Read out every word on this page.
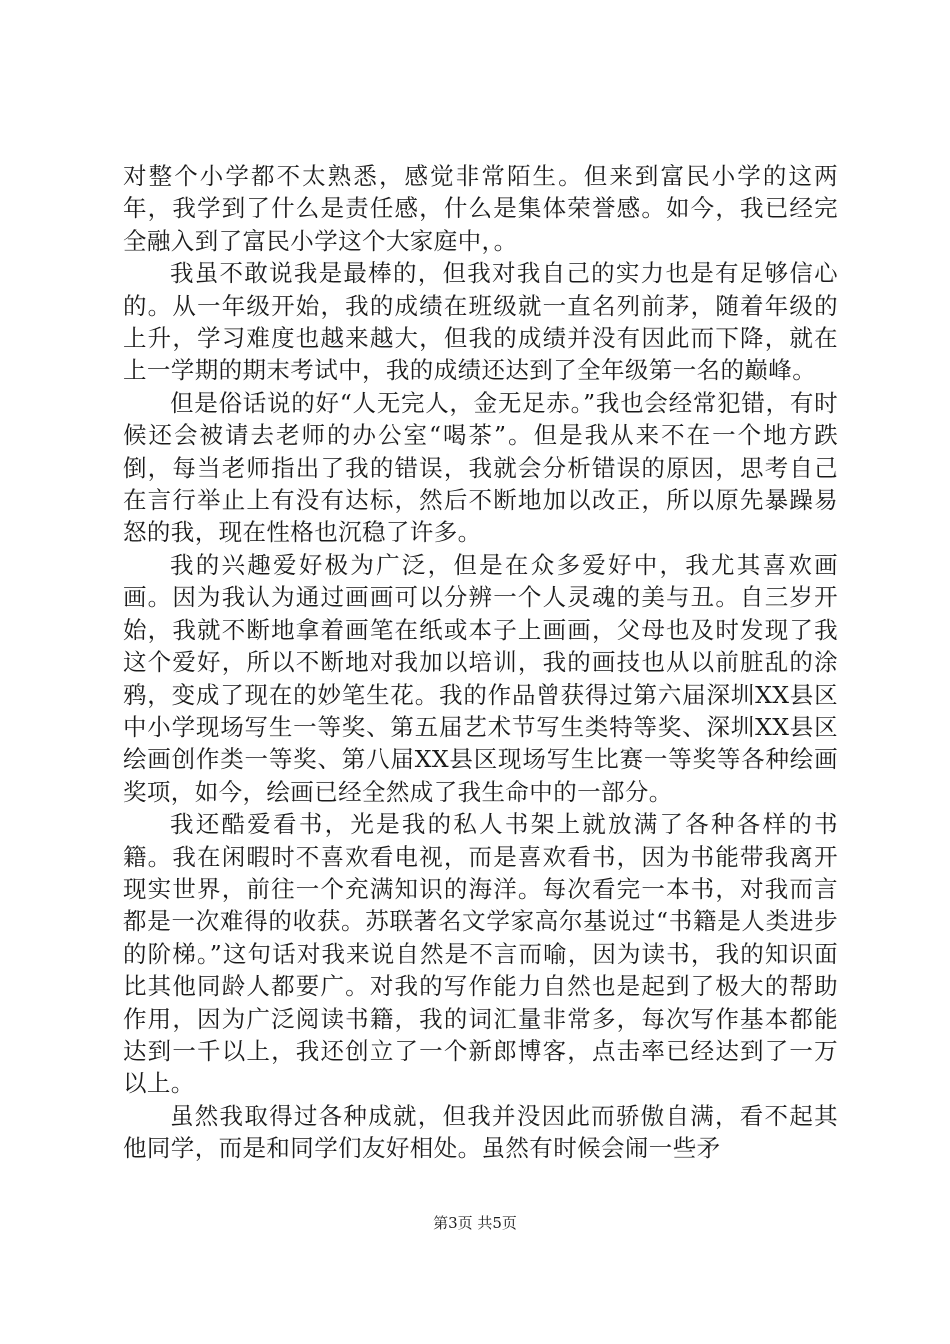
对整个小学都不太熟悉，感觉非常陌生。但来到富民小学的这两年，我学到了什么是责任感，什么是集体荣誉感。如今，我已经完全融入到了富民小学这个大家庭中，。

我虽不敢说我是最棒的，但我对我自己的实力也是有足够信心的。从一年级开始，我的成绩在班级就一直名列前茅，随着年级的上升，学习难度也越来越大，但我的成绩并没有因此而下降，就在上一学期的期末考试中，我的成绩还达到了全年级第一名的巅峰。

但是俗话说的好“人无完人，金无足赤。”我也会经常犯错，有时候还会被请去老师的办公室“喝茶”。但是我从来不在一个地方跌倒，每当老师指出了我的错误，我就会分析错误的原因，思考自己在言行举止上有没有达标，然后不断地加以改正，所以原先暴躁易怒的我，现在性格也沉稳了许多。

我的兴趣爱好极为广泛，但是在众多爱好中，我尤其喜欢画画。因为我认为通过画画可以分辨一个人灵魂的美与丑。自三岁开始，我就不断地拿着画笔在纸或本子上画画，父母也及时发现了我这个爱好，所以不断地对我加以培训，我的画技也从以前脏乱的涂鸦，变成了现在的妙笔生花。我的作品曾获得过第六届深圳XX县区中小学现场写生一等奖、第五届艺术节写生类特等奖、深圳XX县区绘画创作类一等奖、第八届XX县区现场写生比赛一等奖等各种绘画奖项，如今，绘画已经全然成了我生命中的一部分。

我还酷爱看书，光是我的私人书架上就放满了各种各样的书籍。我在闲暇时不喜欢看电视，而是喜欢看书，因为书能带我离开现实世界，前往一个充满知识的海洋。每次看完一本书，对我而言都是一次难得的收获。苏联著名文学家高尔基说过“书籍是人类进步的阶梯。”这句话对我来说自然是不言而喻，因为读书，我的知识面比其他同龄人都要广。对我的写作能力自然也是起到了极大的帮助作用，因为广泛阅读书籍，我的词汇量非常多，每次写作基本都能达到一千以上，我还创立了一个新郎博客，点击率已经达到了一万以上。

虽然我取得过各种成就，但我并没因此而骄傲自满，看不起其他同学，而是和同学们友好相处。虽然有时候会闹一些矛

第3页 共5页
